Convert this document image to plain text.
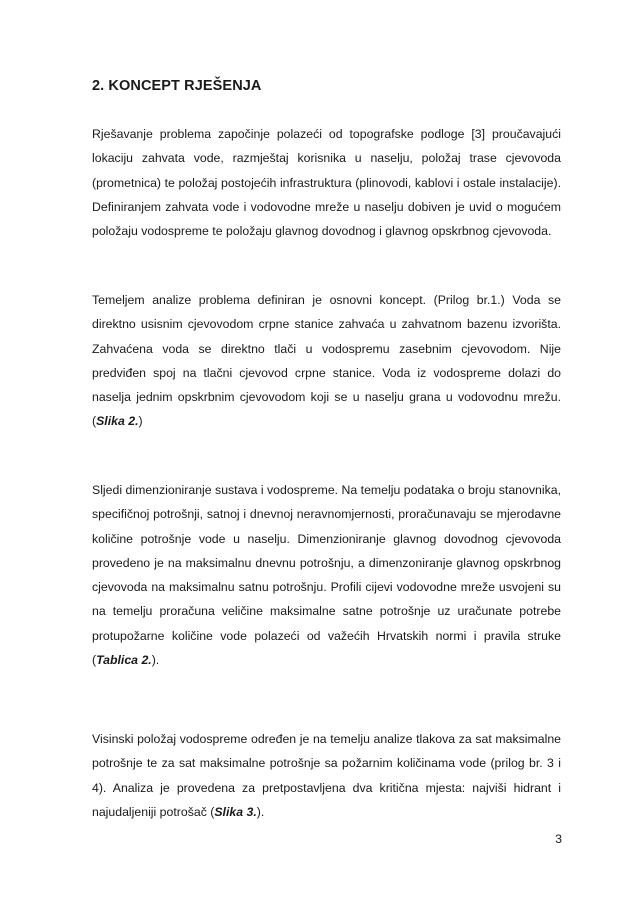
2. KONCEPT RJEŠENJA

Rješavanje problema započinje polazeći od topografske podloge [3] proučavajući lokaciju zahvata vode, razmještaj korisnika u naselju, položaj trase cjevovoda (prometnica) te položaj postojećih infrastruktura (plinovodi, kablovi i ostale instalacije). Definiranjem zahvata vode i vodovodne mreže u naselju dobiven je uvid o mogućem položaju vodospreme te položaju glavnog dovodnog i glavnog opskrbnog cjevovoda.

Temeljem analize problema definiran je osnovni koncept. (Prilog br.1.) Voda se direktno usisnim cjevovodom crpne stanice zahvaća u zahvatnom bazenu izvorišta. Zahvaćena voda se direktno tlači u vodospremu zasebnim cjevovodom. Nije predviđen spoj na tlačni cjevovod crpne stanice. Voda iz vodospreme dolazi do naselja jednim opskrbnim cjevovodom koji se u naselju grana u vodovodnu mrežu. (Slika 2.)

Sljedi dimenzioniranje sustava i vodospreme. Na temelju podataka o broju stanovnika, specifičnoj potrošnji, satnoj i dnevnoj neravnomjernosti, proračunavaju se mjerodavne količine potrošnje vode u naselju. Dimenzioniranje glavnog dovodnog cjevovoda provedeno je na maksimalnu dnevnu potrošnju, a dimenzoniranje glavnog opskrbnog cjevovoda na maksimalnu satnu potrošnju. Profili cijevi vodovodne mreže usvojeni su na temelju proračuna veličine maksimalne satne potrošnje uz uračunate potrebe protupožarne količine vode polazeći od važećih Hrvatskih normi i pravila struke (Tablica 2.).

Visinski položaj vodospreme određen je na temelju analize tlakova za sat maksimalne potrošnje te za sat maksimalne potrošnje sa požarnim količinama vode (prilog br. 3 i 4). Analiza je provedena za pretpostavljena dva kritična mjesta: najviši hidrant i najudaljeniji potrošač (Slika 3.).

3
